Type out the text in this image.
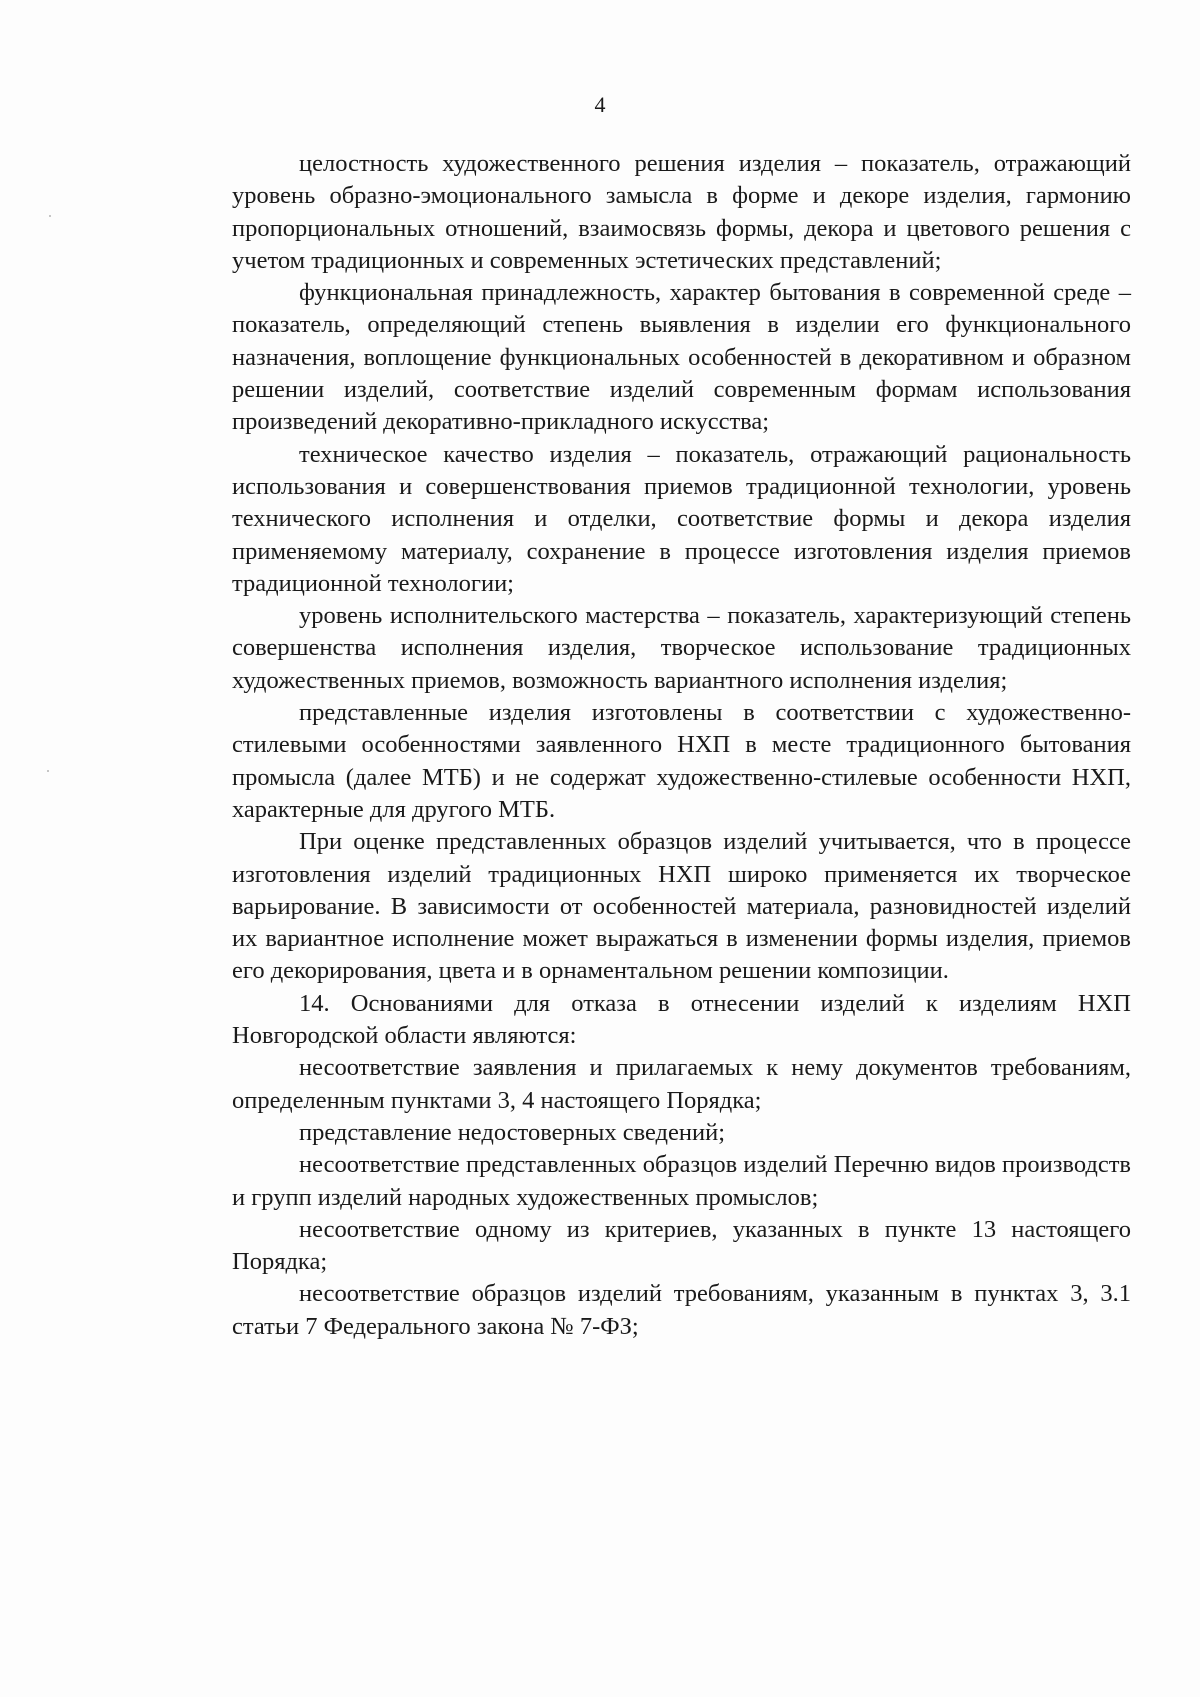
4

целостность художественного решения изделия – показатель, отражающий уровень образно-эмоционального замысла в форме и декоре изделия, гармонию пропорциональных отношений, взаимосвязь формы, декора и цветового решения с учетом традиционных и современных эстетических представлений;

функциональная принадлежность, характер бытования в современной среде – показатель, определяющий степень выявления в изделии его функционального назначения, воплощение функциональных особенностей в декоративном и образном решении изделий, соответствие изделий современным формам использования произведений декоративно-прикладного искусства;

техническое качество изделия – показатель, отражающий рациональность использования и совершенствования приемов традиционной технологии, уровень технического исполнения и отделки, соответствие формы и декора изделия применяемому материалу, сохранение в процессе изготовления изделия приемов традиционной технологии;

уровень исполнительского мастерства – показатель, характеризующий степень совершенства исполнения изделия, творческое использование традиционных художественных приемов, возможность вариантного исполнения изделия;

представленные изделия изготовлены в соответствии с художественно-стилевыми особенностями заявленного НХП в месте традиционного бытования промысла (далее МТБ) и не содержат художественно-стилевые особенности НХП, характерные для другого МТБ.

При оценке представленных образцов изделий учитывается, что в процессе изготовления изделий традиционных НХП широко применяется их творческое варьирование. В зависимости от особенностей материала, разновидностей изделий их вариантное исполнение может выражаться в изменении формы изделия, приемов его декорирования, цвета и в орнаментальном решении композиции.

14. Основаниями для отказа в отнесении изделий к изделиям НХП Новгородской области являются:

несоответствие заявления и прилагаемых к нему документов требованиям, определенным пунктами 3, 4 настоящего Порядка;

представление недостоверных сведений;

несоответствие представленных образцов изделий Перечню видов производств и групп изделий народных художественных промыслов;

несоответствие одному из критериев, указанных в пункте 13 настоящего Порядка;

несоответствие образцов изделий требованиям, указанным в пунктах 3, 3.1 статьи 7 Федерального закона № 7-ФЗ;
